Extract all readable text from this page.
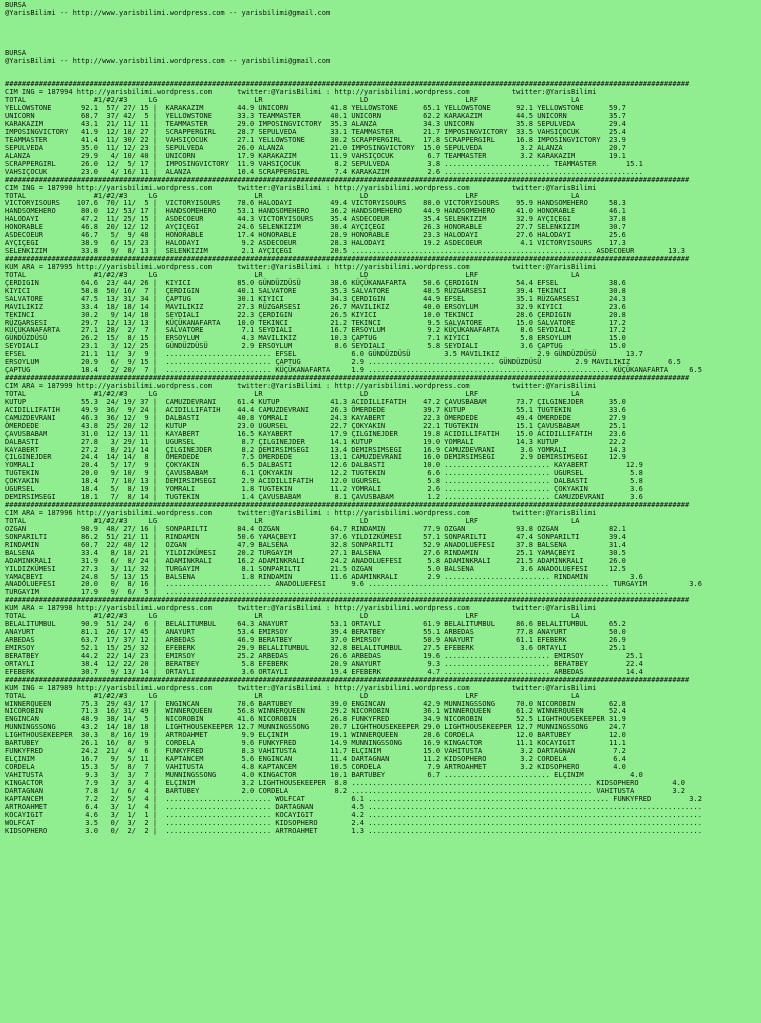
BURSA
@YarisBilimi -- http://www.yarisbilimi.wordpress.com -- yarisbilimi@gmail.com
BURSA
@YarisBilimi -- http://www.yarisbilimi.wordpress.com -- yarisbilimi@gmail.com
##################################################################################################################################################################
CIM ING = 187994 http://yarisbilimi.wordpress.com      twitter:@YarisBilimi : http://yarisbilimi.wordpress.com          twitter:@YarisBilimi
TOTAL                #1/#2/#3     LG                       LR                       LD                       LRF                      LA
YELLOWSTONE       92.1  57/ 27/ 15 |  KARAKAZIM        44.9 UNICORN          41.8 YELLOWSTONE      65.1 YELLOWSTONE      92.1 YELLOWSTONE      59.7
UNICORN           68.7  37/ 42/  5 |  YELLOWSTONE      33.3 TEAMMASTER       40.1 UNICORN          62.2 KARAKAZIM        44.5 UNICORN          35.7
KARAKAZIM         43.1  21/ 11/ 11 |  TEAMMASTER       29.0 IMPOSINGVICTORY  35.3 ALANZA           34.3 UNICORN          35.8 SEPULVEDA        29.4
IMPOSINGVICTORY   41.9  12/ 18/ 27 |  SCRAPPERGIRL     28.7 SEPULVEDA        33.1 TEAMMASTER       21.7 IMPOSINGVICTORY  33.5 VAHSIÇOCUK       25.4
TEAMMASTER        41.4  11/ 30/ 22 |  VAHSIÇOCUK       27.1 YELLOWSTONE      30.2 SCRAPPERGIRL     17.8 SCRAPPERGIRL     16.8 IMPOSINGVICTORY  23.9
SEPULVEDA         35.0  11/ 12/ 23 |  SEPULVEDA        26.0 ALANZA           21.0 IMPOSINGVICTORY  15.0 SEPULVEDA         3.2 ALANZA           20.7
ALANZA            29.9   4/ 10/ 40 |  UNICORN          17.9 KARAKAZIM        11.9 VAHSIÇOCUK        6.7 TEAMMASTER        3.2 KARAKAZIM        19.1
SCRAPPERGIRL      26.0  12/  5/ 17 |  IMPOSINGVICTORY  11.9 VAHSIÇOCUK        8.2 SEPULVEDA         3.8 ......................... TEAMMASTER       15.1
VAHSIÇOCUK        23.0   4/ 16/ 11 |  ALANZA           10.4 SCRAPPERGIRL      7.4 KARAKAZIM         2.6 ...............................................
##################################################################################################################################################################
CIM ING = 187990 http://yarisbilimi.wordpress.com      twitter:@YarisBilimi : http://yarisbilimi.wordpress.com          twitter:@YarisBilimi
TOTAL                #1/#2/#3     LG                       LR                       LD                       LRF                      LA
VICTORYISOURS    107.6  70/ 11/  5 |  VICTORYISOURS    78.6 HALODAYI         49.4 VICTORYISOURS    80.0 VICTORYISOURS    95.9 HANDSOMEHERO     58.3
HANDSOMEHERO      80.0  12/ 53/ 17 |  HANDSOMEHERO     53.1 HANDSOMEHERO     36.2 HANDSOMEHERO     44.9 HANDSOMEHERO     41.0 HONORABLE        46.1
HALODAYI          47.2  11/ 25/ 15 |  ASDECOEUR        44.3 VICTORYISOURS    35.4 ASDECOEUR        35.4 SELENKIZIM       32.9 AYÇIÇEGI         37.8
HONORABLE         46.8  20/ 12/ 12 |  AYÇIÇEGI         24.6 SELENKIZIM       30.4 AYÇIÇEGI         26.3 HONORABLE        27.7 SELENKIZIM       30.7
ASDECOEUR         46.7   5/  9/ 48 |  HONORABLE        17.4 HONORABLE        28.9 HONORABLE        23.3 HALODAYI         27.6 HALODAYI         25.6
AYÇIÇEGI          38.9   6/ 15/ 23 |  HALODAYI          9.2 ASDECOEUR        28.3 HALODAYI         19.2 ASDECOEUR         4.1 VICTORYISOURS    17.3
SELENKIZIM        33.8   9/  8/ 13 |  SELENKIZIM        2.1 AYÇIÇEGI         20.5 ......................................................... ASDECOEUR        13.3
##################################################################################################################################################################
KUM ARA = 187995 http://yarisbilimi.wordpress.com      twitter:@YarisBilimi : http://yarisbilimi.wordpress.com          twitter:@YarisBilimi
TOTAL                #1/#2/#3     LG                       LR                       LD                       LRF                      LA
ÇERDIGIN          64.6  23/ 44/ 26 |  KIYICI           85.0 GÜNDÜZDÜSÜ       38.6 KÜÇÜKANAFARTA    50.6 ÇERDIGIN         54.4 EFSEL            38.6
KIYICI            58.8  50/ 16/  7 |  ÇERDIGIN         40.1 SALVATORE        35.3 SALVATORE        48.5 RÜZGARSESI       39.4 TEKINCI          30.8
SALVATORE         47.5  13/ 31/ 34 |  ÇAPTUG           30.1 KIYICI           34.3 ÇERDIGIN         44.9 EFSEL            35.1 RÜZGARSESI       24.3
MAVILIKIZ         33.4  18/ 18/ 14 |  MAVILIKIZ        27.3 RÜZGARSESI       26.7 MAVILIKIZ        40.0 ERSOYLUM         32.9 KIYICI           23.6
TEKINCI           30.2   9/ 14/ 18 |  SEYDIALI         22.3 ÇERDIGIN         26.5 KIYICI           10.0 TEKINCI          28.6 ÇERDIGIN         20.8
RÜZGARSESI        29.7  12/ 13/ 13 |  KÜÇÜKANAFARTA    10.0 TEKINCI          21.2 TEKINCI           9.5 SALVATORE        15.0 SALVATORE        17.2
KÜÇÜKANAFARTA     27.1  28/  2/  7 |  SALVATORE         7.1 SEYDIALI         16.7 ERSOYLUM          9.2 KÜÇÜKANAFARTA     8.6 SEYDIALI         17.2
GÜNDÜZDÜSÜ        26.2  15/  8/ 15 |  ERSOYLUM          4.3 MAVILIKIZ        10.3 ÇAPTUG            7.1 KIYICI            5.8 ERSOYLUM         15.0
SEYDIALI          23.1   3/ 12/ 25 |  GÜNDÜZDÜSÜ        2.9 ERSOYLUM          8.6 SEYDIALI          5.8 SEYDIALI          3.6 ÇAPTUG           15.0
EFSEL             21.1  11/  3/  9 |  ......................... EFSEL             6.0 GÜNDÜZDÜSÜ        3.5 MAVILIKIZ         2.9 GÜNDÜZDÜSÜ       13.7
ERSOYLUM          20.9   6/  9/ 15 |  ......................... ÇAPTUG            2.9 .............................. GÜNDÜZDÜSÜ        2.9 MAVILIKIZ         6.5
ÇAPTUG            18.4   2/ 20/  7 |  ......................... KÜÇÜKANAFARTA     1.9 ......................................................... KÜÇÜKANAFARTA     6.5
##################################################################################################################################################################
CIM ARA = 187999 http://yarisbilimi.wordpress.com      twitter:@YarisBilimi : http://yarisbilimi.wordpress.com          twitter:@YarisBilimi
TOTAL                #1/#2/#3     LG                       LR                       LD                       LRF                      LA
KUTUP             55.3  24/ 19/ 37 |  CAMUZDEVRANI     61.4 KUTUP            41.3 ACIDILLIFATIH    47.2 ÇAVUSBABAM       73.7 ÇILGINEJDER      35.0
ACIDILLIFATIH     49.9  36/  9/ 24 |  ACIDILLIFATIH    44.4 CAMUZDEVRANI     26.3 ÖMERDEDE         39.7 KUTUP            55.1 TUGTEKIN         33.6
CAMUZDEVRANI      46.3  36/ 12/  9 |  DALBASTI         40.8 YOMRALI          24.3 KAYABERT         22.3 ÖMERDEDE         49.4 ÖMERDEDE         27.9
ÖMERDEDE          43.8  25/ 20/ 12 |  KUTUP            23.0 UGURSEL          22.7 ÇOKYAKIN         22.1 TUGTEKIN         15.1 ÇAVUSBABAM       25.1
ÇAVUSBABAM        31.0  12/ 13/ 11 |  KAYABERT         16.5 KAYABERT         17.9 ÇILGINEJDER      19.8 ACIDILLIFATIH    15.0 ACIDILLIFATIH    23.6
DALBASTI          27.8   3/ 29/ 11 |  UGURSEL           8.7 ÇILGINEJDER      14.1 KUTUP            19.0 YOMRALI          14.3 KUTUP            22.2
KAYABERT          27.2   8/ 21/ 14 |  ÇILGINEJDER       8.2 DEMIRSIMSEGI     13.4 DEMIRSIMSEGI     16.9 CAMUZDEVRANI      3.6 YOMRALI          14.3
ÇILGINEJDER       24.4  14/ 14/  8 |  ÖMERDEDE          7.5 ÖMERDEDE         13.1 CAMUZDEVRANI     16.0 DEMIRSIMSEGI      2.9 DEMIRSIMSEGI     12.9
YOMRALI           20.4   5/ 17/  9 |  ÇOKYAKIN          6.5 DALBASTI         12.6 DALBASTI         10.0 ......................... KAYABERT         12.9
TUGTEKIN          20.0   9/ 10/  9 |  ÇAVUSBABAM        6.1 ÇOKYAKIN         12.2 TUGTEKIN          6.6 ......................... UGURSEL           5.8
ÇOKYAKIN          18.4   7/ 10/ 13 |  DEMIRSIMSEGI      2.9 ACIDILLIFATIH    12.0 UGURSEL           5.8 ......................... DALBASTI          5.8
UGURSEL           18.4   5/  8/ 19 |  YOMRALI           1.8 TUGTEKIN         11.2 YOMRALI           2.6 ......................... ÇOKYAKIN          3.6
DEMIRSIMSEGI      18.1   7/  8/ 14 |  TUGTEKIN          1.4 ÇAVUSBABAM        8.1 ÇAVUSBABAM        1.2 ......................... CAMUZDEVRANI      3.6
##################################################################################################################################################################
CIM ARA = 187996 http://yarisbilimi.wordpress.com      twitter:@YarisBilimi : http://yarisbilimi.wordpress.com          twitter:@YarisBilimi
TOTAL                #1/#2/#3     LG                       LR                       LD                       LRF                      LA
OZGAN             98.9  48/ 27/ 16 |  SONPARILTI       84.4 OZGAN            64.7 RINDAMIN         77.9 OZGAN            93.8 OZGAN            82.1
SONPARILTI        86.2  51/ 21/ 11 |  RINDAMIN         50.6 YAMAÇBEYI        37.6 YILDIZKÜMESI     57.1 SONPARILTI       47.4 SONPARILTI       39.4
RINDAMIN          60.7  22/ 40/ 12 |  OZGAN            47.9 BALSENA          32.8 SONPARILTI       52.9 ANADOLUEFESI     37.8 BALSENA          31.4
BALSENA           33.4   8/ 18/ 21 |  YILDIZKÜMESI     20.2 TURGAYIM         27.1 BALSENA          27.6 RINDAMIN         25.1 YAMAÇBEYI        30.5
ADAMINKRALI       31.9   6/  8/ 24 |  ADAMINKRALI      16.2 ADAMINKRALI      24.2 ANADOLUEFESI      5.8 ADAMINKRALI      21.5 ADAMINKRALI      26.0
YILDIZKÜMESI      27.3   3/ 11/ 32 |  TURGAYIM          8.1 SONPARILTI       21.5 OZGAN             5.0 BALSENA           3.6 ANADOLUEFESI     12.5
YAMAÇBEYI         24.8   5/ 13/ 15 |  BALSENA           1.8 RINDAMIN         11.6 ADAMINKRALI       2.9 ......................... RINDAMIN          3.6
ANADOLUEFESI      20.0   0/  8/ 16 |  ......................... ANADOLUEFESI      9.6 ......................................................... TURGAYIM          3.6
TURGAYIM          17.9   9/  6/  5 |  .......................................................................................................................
##################################################################################################################################################################
KUM ARA = 187998 http://yarisbilimi.wordpress.com      twitter:@YarisBilimi : http://yarisbilimi.wordpress.com          twitter:@YarisBilimi
TOTAL                #1/#2/#3     LG                       LR                       LD                       LRF                      LA
BELALITUMBUL      90.9  51/ 24/  6 |  BELALITUMBUL     64.3 ANAYURT          53.1 ORTAYLI          61.9 BELALITUMBUL     86.6 BELALITUMBUL     65.2
ANAYURT           81.1  26/ 17/ 45 |  ANAYURT          53.4 EMIRSOY          39.4 BERATBEY         55.1 ARBEDAS          77.8 ANAYURT          50.0
ARBEDAS           63.7  17/ 37/ 12 |  ARBEDAS          46.9 BERATBEY         37.0 EMIRSOY          50.9 ANAYURT          61.1 EFEBERK          26.9
EMIRSOY           52.1  15/ 25/ 32 |  EFEBERK          29.9 BELALITUMBUL     32.8 BELALITUMBUL     27.5 EFEBERK           3.6 ORTAYLI          25.1
BERATBEY          44.2  22/ 14/ 23 |  EMIRSOY          25.2 ARBEDAS          26.6 ARBEDAS          19.6 ......................... EMIRSOY          25.1
ORTAYLI           38.4  12/ 22/ 20 |  BERATBEY          5.8 EFEBERK          20.9 ANAYURT           9.3 ......................... BERATBEY         22.4
EFEBERK           30.7   9/ 13/ 14 |  ORTAYLI           3.6 ORTAYLI          19.4 EFEBERK           4.7 ......................... ARBEDAS          14.4
##################################################################################################################################################################
KUM ING = 187989 http://yarisbilimi.wordpress.com      twitter:@YarisBilimi : http://yarisbilimi.wordpress.com          twitter:@YarisBilimi
TOTAL                #1/#2/#3     LG                       LR                       LD                       LRF                      LA
WINNERQUEEN       75.3  29/ 43/ 17 |  ENGINCAN         70.6 BARTUBEY         39.0 ENGINCAN         42.9 MUNNINGSSONG     70.0 NICOROBIN        62.8
NICOROBIN         71.3  16/ 31/ 49 |  WINNERQUEEN      56.8 WINNERQUEEN      29.2 NICOROBIN        36.1 WINNERQUEEN      61.2 WINNERQUEEN      52.4
ENGINCAN          48.9  38/ 14/  5 |  NICOROBIN        41.6 NICOROBIN        26.8 FUNKYFRED        34.9 NICOROBIN        52.5 LIGHTHOUSEKEEPER 31.9
MUNNINGSSONG      43.2  14/ 18/ 18 |  LIGHTHOUSEKEEPER 12.7 MUNNINGSSONG     20.7 LIGHTHOUSEKEEPER 29.0 LIGHTHOUSEKEEPER 12.7 MUNNINGSSONG     24.7
LIGHTHOUSEKEEPER  30.3   8/ 16/ 19 |  ARTROAHMET        9.9 ELÇINIM          19.1 WINNERQUEEN      28.6 CORDELA          12.0 BARTUBEY         12.0
BARTUBEY          26.1  16/  8/  9 |  CORDELA           9.6 FUNKYFRED        14.9 MUNNINGSSONG     16.9 KINGACTOR        11.1 KOCAYIGIT        11.1
FUNKYFRED         24.2  21/  4/  6 |  FUNKYFRED         8.3 VAHITUSTA        11.7 ELÇINIM          15.0 VAHITUSTA         3.2 DARTAGNAN         7.2
ELÇINIM           16.7   9/  5/ 11 |  KAPTANCEM         5.6 ENGINCAN         11.4 DARTAGNAN        11.2 KIDSOPHERO        3.2 CORDELA           6.4
CORDELA           15.3   5/  8/  7 |  VAHITUSTA         4.8 KAPTANCEM        10.5 CORDELA           7.9 ARTROAHMET        3.2 KIDSOPHERO        4.0
VAHITUSTA          9.3   3/  3/  7 |  MUNNINGSSONG      4.0 KINGACTOR        10.1 BARTUBEY          6.7 ......................... ELÇINIM           4.0
KINGACTOR          7.9   3/  3/  4 |  ELÇINIM           3.2 LIGHTHOUSEKEEPER  8.8 ......................................................... KIDSOPHERO        4.0
DARTAGNAN          7.8   1/  6/  4 |  BARTUBEY          2.0 CORDELA           8.2 ......................................................... VAHITUSTA         3.2
KAPTANCEM          7.2   2/  5/  4 |  ......................... WOLFCAT           6.1 ......................................................... FUNKYFRED         3.2
ARTROAHMET         6.4   3/  1/  4 |  ......................... DARTAGNAN         4.5 ...............................................................................
KOCAYIGIT          4.6   3/  1/  1 |  ......................... KOCAYIGIT         4.2 ...............................................................................
WOLFCAT            3.5   0/  3/  2 |  ......................... KIDSOPHERO        2.4 ...............................................................................
KIDSOPHERO         3.0   0/  2/  2 |  ......................... ARTROAHMET        1.3 ...............................................................................
